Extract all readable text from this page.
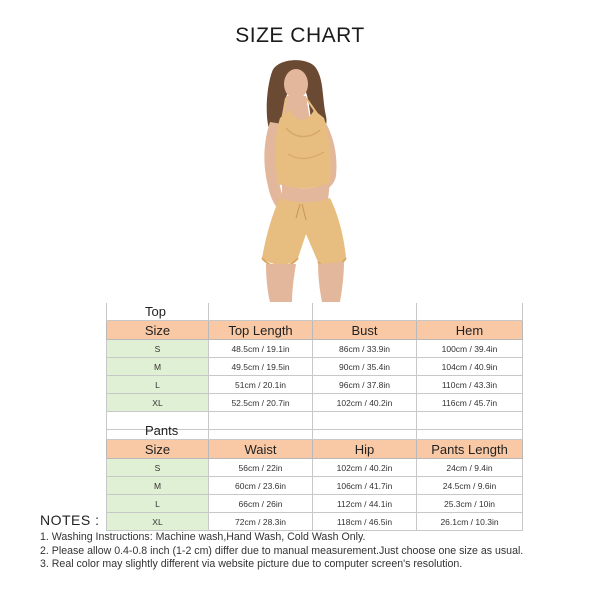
SIZE CHART
Top			
Size	Top Length	Bust	Hem
S	48.5cm / 19.1in	86cm / 33.9in	100cm / 39.4in
M	49.5cm / 19.5in	90cm / 35.4in	104cm / 40.9in
L	51cm / 20.1in	96cm / 37.8in	110cm / 43.3in
XL	52.5cm / 20.7in	102cm / 40.2in	116cm / 45.7in

Pants			
Size	Waist	Hip	Pants Length
S	56cm / 22in	102cm / 40.2in	24cm / 9.4in
M	60cm / 23.6in	106cm / 41.7in	24.5cm / 9.6in
L	66cm / 26in	112cm / 44.1in	25.3cm / 10in
XL	72cm / 28.3in	118cm / 46.5in	26.1cm / 10.3in
NOTES :
1. Washing Instructions: Machine wash,Hand Wash, Cold Wash Only.
2. Please allow 0.4-0.8 inch (1-2 cm) differ due to manual measurement.Just choose one size as usual.
3. Real color may slightly different via website picture due to computer screen's resolution.
